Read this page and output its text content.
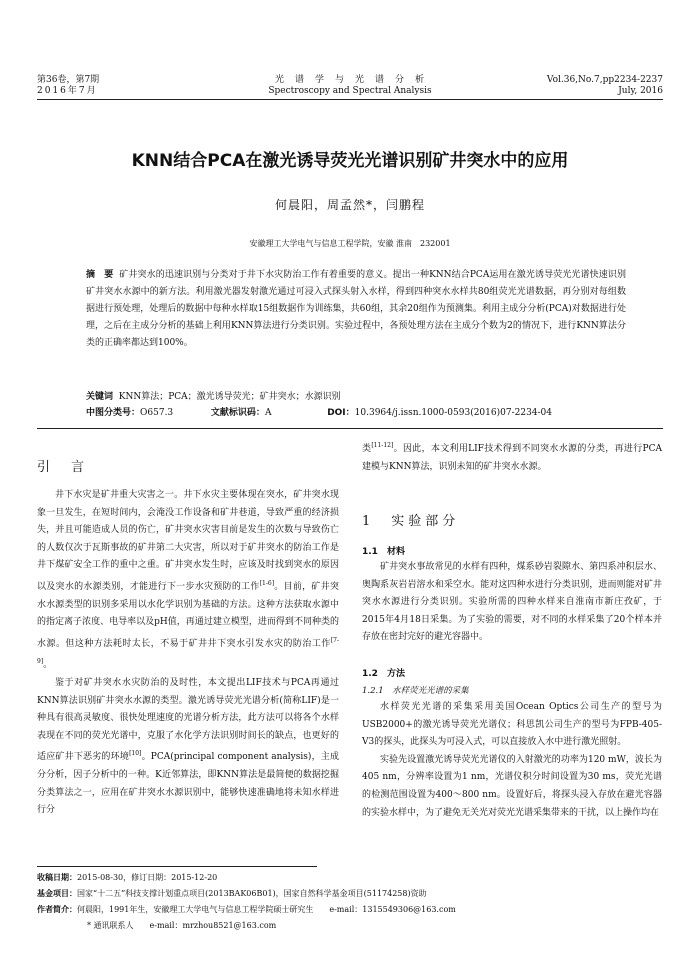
第36卷，第7期
2016年7月
光　谱　学　与　光　谱　分　析
Spectroscopy and Spectral Analysis
Vol.36,No.7,pp2234-2237
July, 2016
KNN结合PCA在激光诱导荧光光谱识别矿井突水中的应用
何晨阳，周孟然*，闫鹏程
安徽理工大学电气与信息工程学院，安徽 淮南　232001
摘　要 矿井突水的迅速识别与分类对于井下水灾防治工作有着重要的意义。提出一种KNN结合PCA运用在激光诱导荧光光谱快速识别矿井突水水源中的新方法。利用激光器发射激光通过可浸入式探头射入水样，得到四种突水水样共80组荧光光谱数据，再分别对每组数据进行预处理，处理后的数据中每种水样取15组数据作为训练集，共60组，其余20组作为预测集。利用主成分分析(PCA)对数据进行处理，之后在主成分分析的基础上利用KNN算法进行分类识别。实验过程中，各预处理方法在主成分个数为2的情况下，进行KNN算法分类的正确率都达到100%。
关键词 KNN算法；PCA；激光诱导荧光；矿井突水；水源识别
中图分类号：O657.3	文献标识码：A	DOI：10.3964/j.issn.1000-0593(2016)07-2234-04
引　言

井下水灾是矿井重大灾害之一。井下水灾主要体现在突水，矿井突水现象一旦发生，在短时间内，会淹没工作设备和矿井巷道，导致严重的经济损失，并且可能造成人员的伤亡，矿井突水灾害目前是发生的次数与导致伤亡的人数仅次于瓦斯事故的矿井第二大灾害，所以对于矿井突水的防治工作是井下煤矿安全工作的重中之重。矿井突水发生时，应该及时找到突水的原因以及突水的水源类别，才能进行下一步水灾预防的工作[1-6]。目前，矿井突水水源类型的识别多采用以水化学识别为基础的方法。这种方法获取水源中的指定离子浓度、电导率以及pH值，再通过建立模型，进而得到不同种类的水源。但这种方法耗时太长，不易于矿井井下突水引发水灾的防治工作[7-9]。

鉴于对矿井突水水灾防治的及时性，本文提出LIF技术与PCA再通过KNN算法识别矿井突水水源的类型。激光诱导荧光光谱分析(简称LIF)是一种具有很高灵敏度、很快处理速度的光谱分析方法，此方法可以将各个水样表现在不同的荧光光谱中，克服了水化学方法识别时间长的缺点，也更好的适应矿井下恶劣的环境[10]。PCA(principal component analysis)，主成分分析，因子分析中的一种。K近邻算法，即KNN算法是最简便的数据挖掘分类算法之一，应用在矿井突水水源识别中，能够快速准确地将未知水样进行分

类[11-12]。因此，本文利用LIF技术得到不同突水水源的分类，再进行PCA建模与KNN算法，识别未知的矿井突水水源。

1　实验部分
1.1　材料

矿井突水事故常见的水样有四种，煤系砂岩裂隙水、第四系冲积层水、奥陶系灰岩岩溶水和采空水。能对这四种水进行分类识别，进而则能对矿井突水水源进行分类识别。实验所需的四种水样来自淮南市新庄孜矿，于2015年4月18日采集。为了实验的需要，对不同的水样采集了20个样本并存放在密封完好的避光容器中。

1.2　方法
1.2.1　水样荧光光谱的采集

水样荧光光谱的采集采用美国Ocean Optics公司生产的型号为USB2000+的激光诱导荧光光谱仪；科思凯公司生产的型号为FPB-405-V3的探头，此探头为可浸入式，可以直接放入水中进行激光照射。

实验先设置激光诱导荧光光谱仪的入射激光的功率为120 mW，波长为405 nm，分辨率设置为1 nm，光谱仪积分时间设置为30 ms，荧光光谱的检测范围设置为400～800 nm。设置好后，将探头浸入存放在避光容器的实验水样中，为了避免无关光对荧光光谱采集带来的干扰，以上操作均在

收稿日期：2015-08-30，修订日期：2015-12-20
基金项目：国家“十二五”科技支撑计划重点项目(2013BAK06B01)，国家自然科学基金项目(51174258)资助
作者简介：何晨阳，1991年生，安徽理工大学电气与信息工程学院硕士研究生　　e-mail：1315549306@163.com
* 通讯联系人　　e-mail：mrzhou8521@163.com
